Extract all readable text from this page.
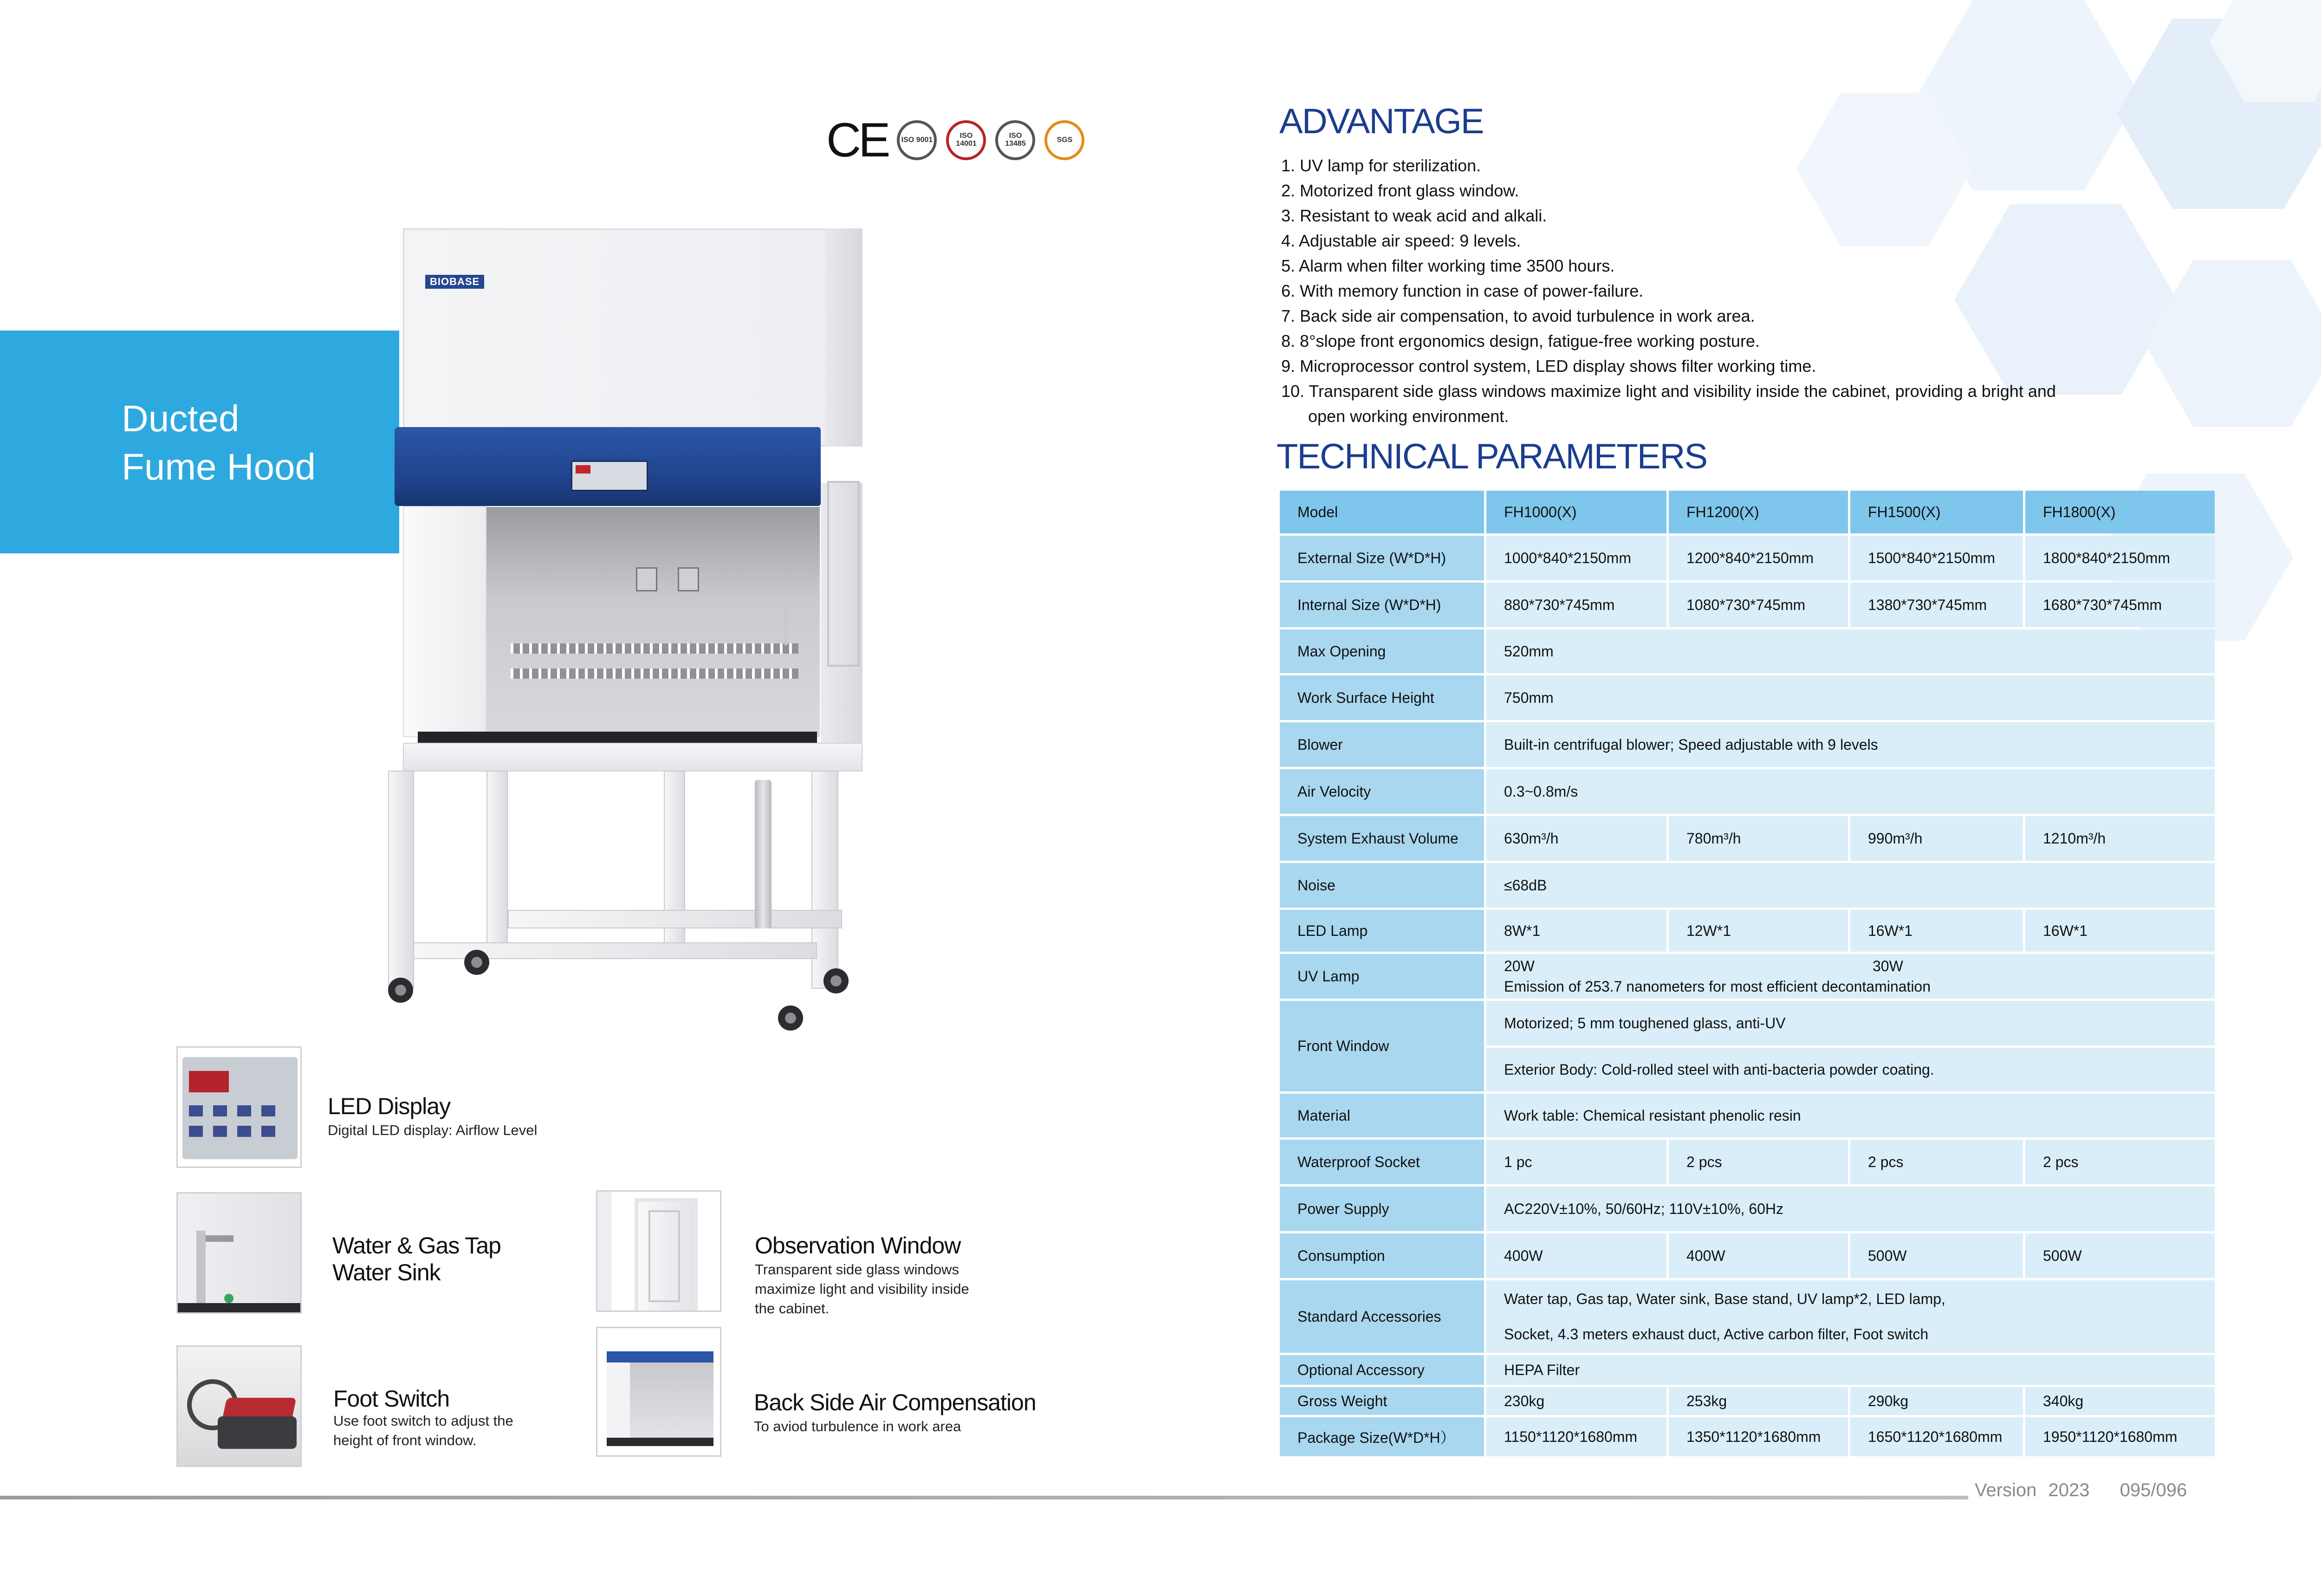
CE ISO 9001	ISO 14001
ISO 13485	SGS
Ducted
Fume Hood
BIOBASE
LED Display
Digital LED display: Airflow Level
Water & Gas Tap
Water Sink
Observation Window
Transparent side glass windows
maximize light and visibility inside
the cabinet.
Foot Switch
Use foot switch to adjust the
height of front window.
Back Side Air Compensation
To aviod turbulence in work area
ADVANTAGE
1. UV lamp for sterilization.
2. Motorized front glass window.
3. Resistant to weak acid and alkali.
4. Adjustable air speed: 9 levels.
5. Alarm when filter working time 3500 hours.
6. With memory function in case of power-failure.
7. Back side air compensation, to avoid turbulence in work area.
8. 8°slope front ergonomics design, fatigue-free working posture.
9. Microprocessor control system, LED display shows filter working time.
10. Transparent side glass windows maximize light and visibility inside the cabinet, providing a bright and
open working environment.
TECHNICAL PARAMETERS
Model	FH1000(X)	FH1200(X)	FH1500(X)	FH1800(X)
External Size (W*D*H)	1000*840*2150mm	1200*840*2150mm	1500*840*2150mm	1800*840*2150mm
Internal Size (W*D*H)	880*730*745mm	1080*730*745mm	1380*730*745mm	1680*730*745mm
Max Opening	520mm			
Work Surface Height	750mm			
Blower	Built-in centrifugal blower; Speed adjustable with 9 levels			
Air Velocity	0.3~0.8m/s			
System Exhaust Volume	630m³/h	780m³/h	990m³/h	1210m³/h
Noise	≤68dB			
LED Lamp	8W*1	12W*1	16W*1	16W*1
UV Lamp	20W 30W
Emission of 253.7 nanometers for most efficient decontamination			

Front Window	Motorized; 5 mm toughened glass, anti-UV			
	Exterior Body: Cold-rolled steel with anti-bacteria powder coating.			
Material	Work table: Chemical resistant phenolic resin			
Waterproof Socket	1 pc	2 pcs	2 pcs	2 pcs
Power Supply	AC220V±10%, 50/60Hz; 110V±10%, 60Hz			
Consumption	400W	400W	500W	500W
Standard Accessories	Water tap, Gas tap, Water sink, Base stand, UV lamp*2, LED lamp,
Socket, 4.3 meters exhaust duct, Active carbon filter, Foot switch			

Optional Accessory	HEPA Filter			
Gross Weight	230kg	253kg	290kg	340kg
Package Size(W*D*H）	1150*1120*1680mm	1350*1120*1680mm	1650*1120*1680mm	1950*1120*1680mm
Version 2023 095/096
